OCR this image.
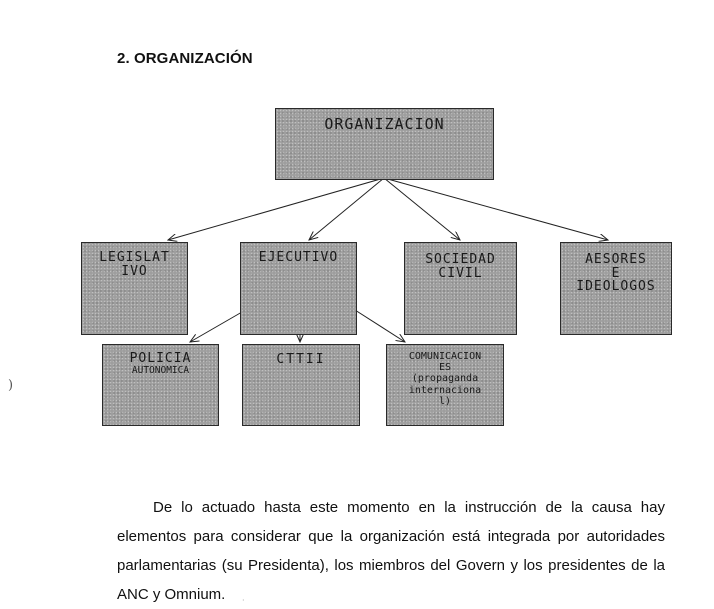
2. ORGANIZACIÓN
ORGANIZACION
LEGISLAT
IVO
EJECUTIVO	SOCIEDAD
CIVIL
AESORES
E
IDEOLOGOS
POLICIA
AUTONOMICA
CTTII	COMUNICACION
ES
(propaganda
internaciona
l)
)

De lo actuado hasta este momento en la instrucción de la causa hay elementos para considerar que la organización está integrada por autoridades parlamentarias (su Presidenta), los miembros del Govern y los presidentes de la ANC y Omnium.	·
